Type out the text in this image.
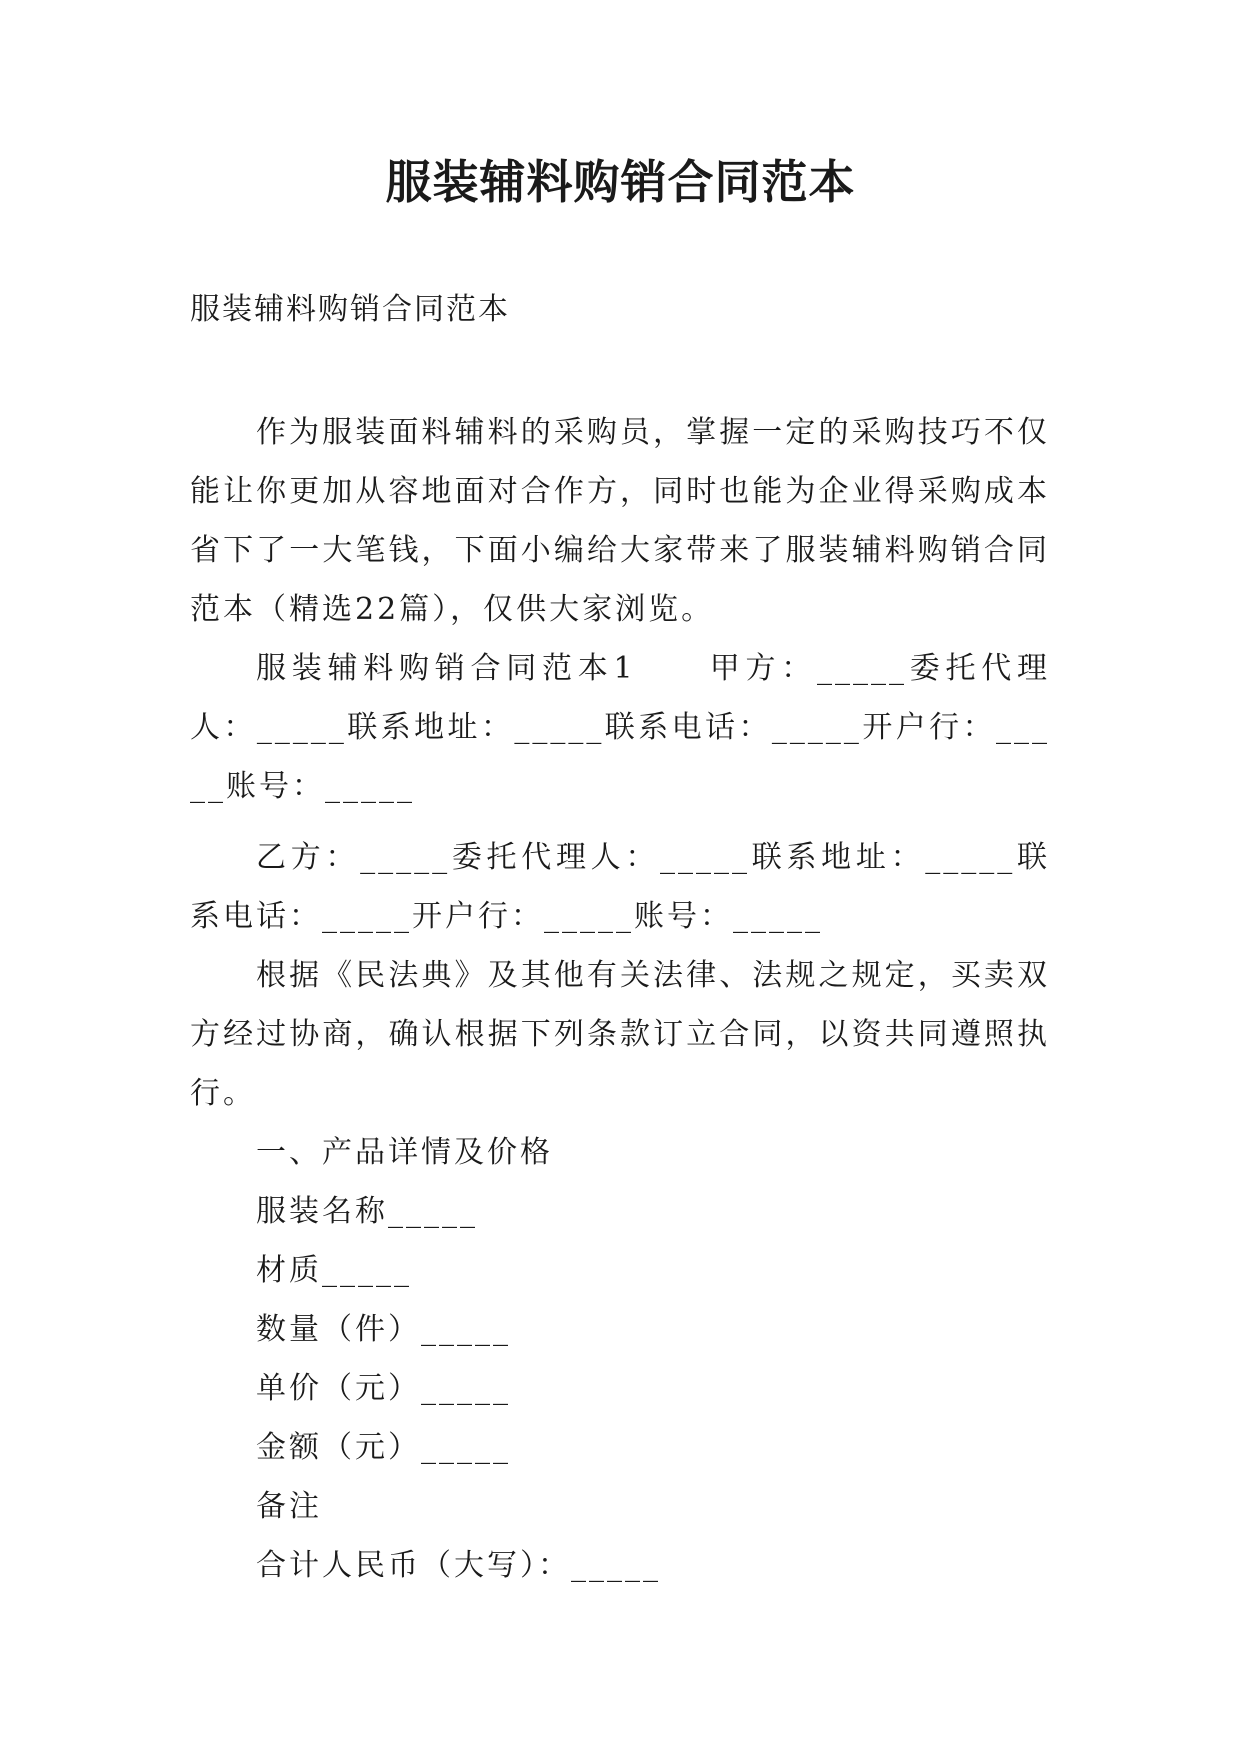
服装辅料购销合同范本

服装辅料购销合同范本

作为服装面料辅料的采购员，掌握一定的采购技巧不仅能让你更加从容地面对合作方，同时也能为企业得采购成本省下了一大笔钱，下面小编给大家带来了服装辅料购销合同范本（精选22篇），仅供大家浏览。

服装辅料购销合同范本1　　甲方：_____委托代理人：_____联系地址：_____联系电话：_____开户行：_____账号：_____

乙方：_____委托代理人：_____联系地址：_____联系电话：_____开户行：_____账号：_____

根据《民法典》及其他有关法律、法规之规定，买卖双方经过协商，确认根据下列条款订立合同，以资共同遵照执行。

一、产品详情及价格

服装名称_____

材质_____

数量（件）_____

单价（元）_____

金额（元）_____

备注

合计人民币（大写）：_____
